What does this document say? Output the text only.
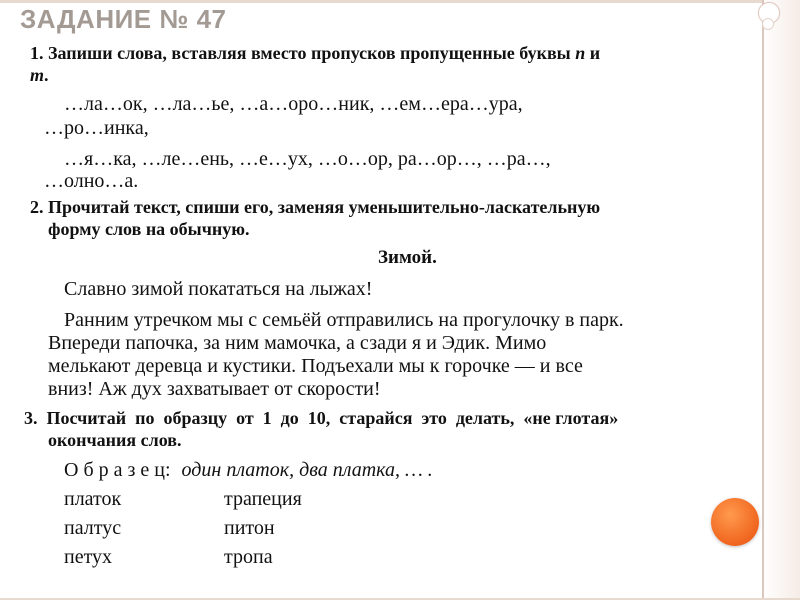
ЗАДАНИЕ № 47
1. Запиши слова, вставляя вместо пропусков пропущенные буквы п и
т.
…ла…ок, …ла…ье, …а…оро…ник, …ем…ера…ура,
…ро…инка,
…я…ка, …ле…ень, …е…ух, …о…ор, ра…ор…, …ра…,
…олно…а.
2. Прочитай текст, спиши его, заменяя уменьшительно-ласкательную
форму слов на обычную.
Зимой.
Славно зимой покататься на лыжах!
Ранним утречком мы с семьёй отправились на прогулочку в парк.
Впереди папочка, за ним мамочка, а сзади я и Эдик. Мимо
мелькают деревца и кустики. Подъехали мы к горочке — и все
вниз! Аж дух захватывает от скорости!
3.  Посчитай  по  образцу  от  1  до  10,  старайся  это  делать,  «не глотая»
окончания слов.
О б р а з е ц: один платок, два платка, … .
платок	трапеция
палтус	питон
петух	тропа
